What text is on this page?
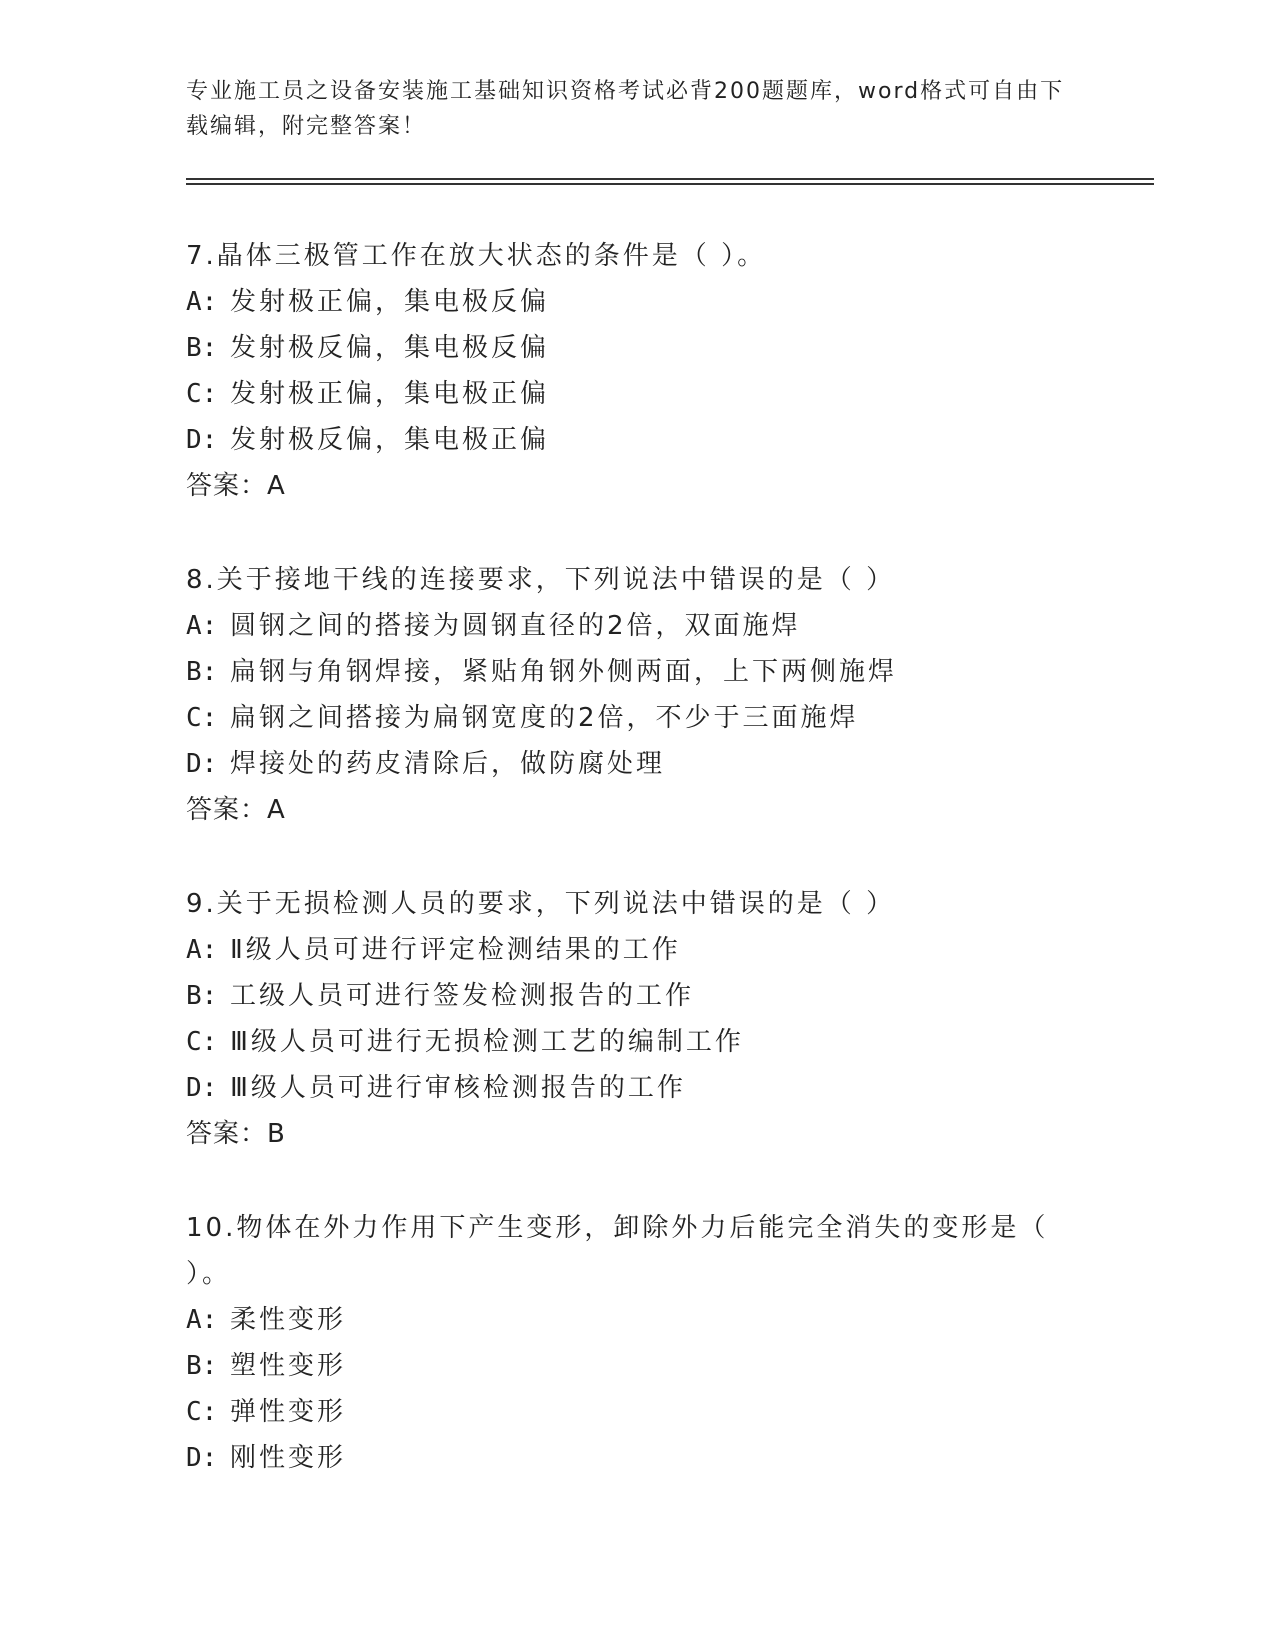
专业施工员之设备安装施工基础知识资格考试必背200题题库，word格式可自由下载编辑，附完整答案！

7.晶体三极管工作在放大状态的条件是（ ）。

A: 发射极正偏，集电极反偏

B: 发射极反偏，集电极反偏

C: 发射极正偏，集电极正偏

D: 发射极反偏，集电极正偏

答案：A

8.关于接地干线的连接要求，下列说法中错误的是（ ）

A: 圆钢之间的搭接为圆钢直径的2倍，双面施焊

B: 扁钢与角钢焊接，紧贴角钢外侧两面，上下两侧施焊

C: 扁钢之间搭接为扁钢宽度的2倍，不少于三面施焊

D: 焊接处的药皮清除后，做防腐处理

答案：A

9.关于无损检测人员的要求，下列说法中错误的是（ ）

A: Ⅱ级人员可进行评定检测结果的工作

B: 工级人员可进行签发检测报告的工作

C: Ⅲ级人员可进行无损检测工艺的编制工作

D: Ⅲ级人员可进行审核检测报告的工作

答案：B

10.物体在外力作用下产生变形，卸除外力后能完全消失的变形是（ ）。

A: 柔性变形

B: 塑性变形

C: 弹性变形

D: 刚性变形
